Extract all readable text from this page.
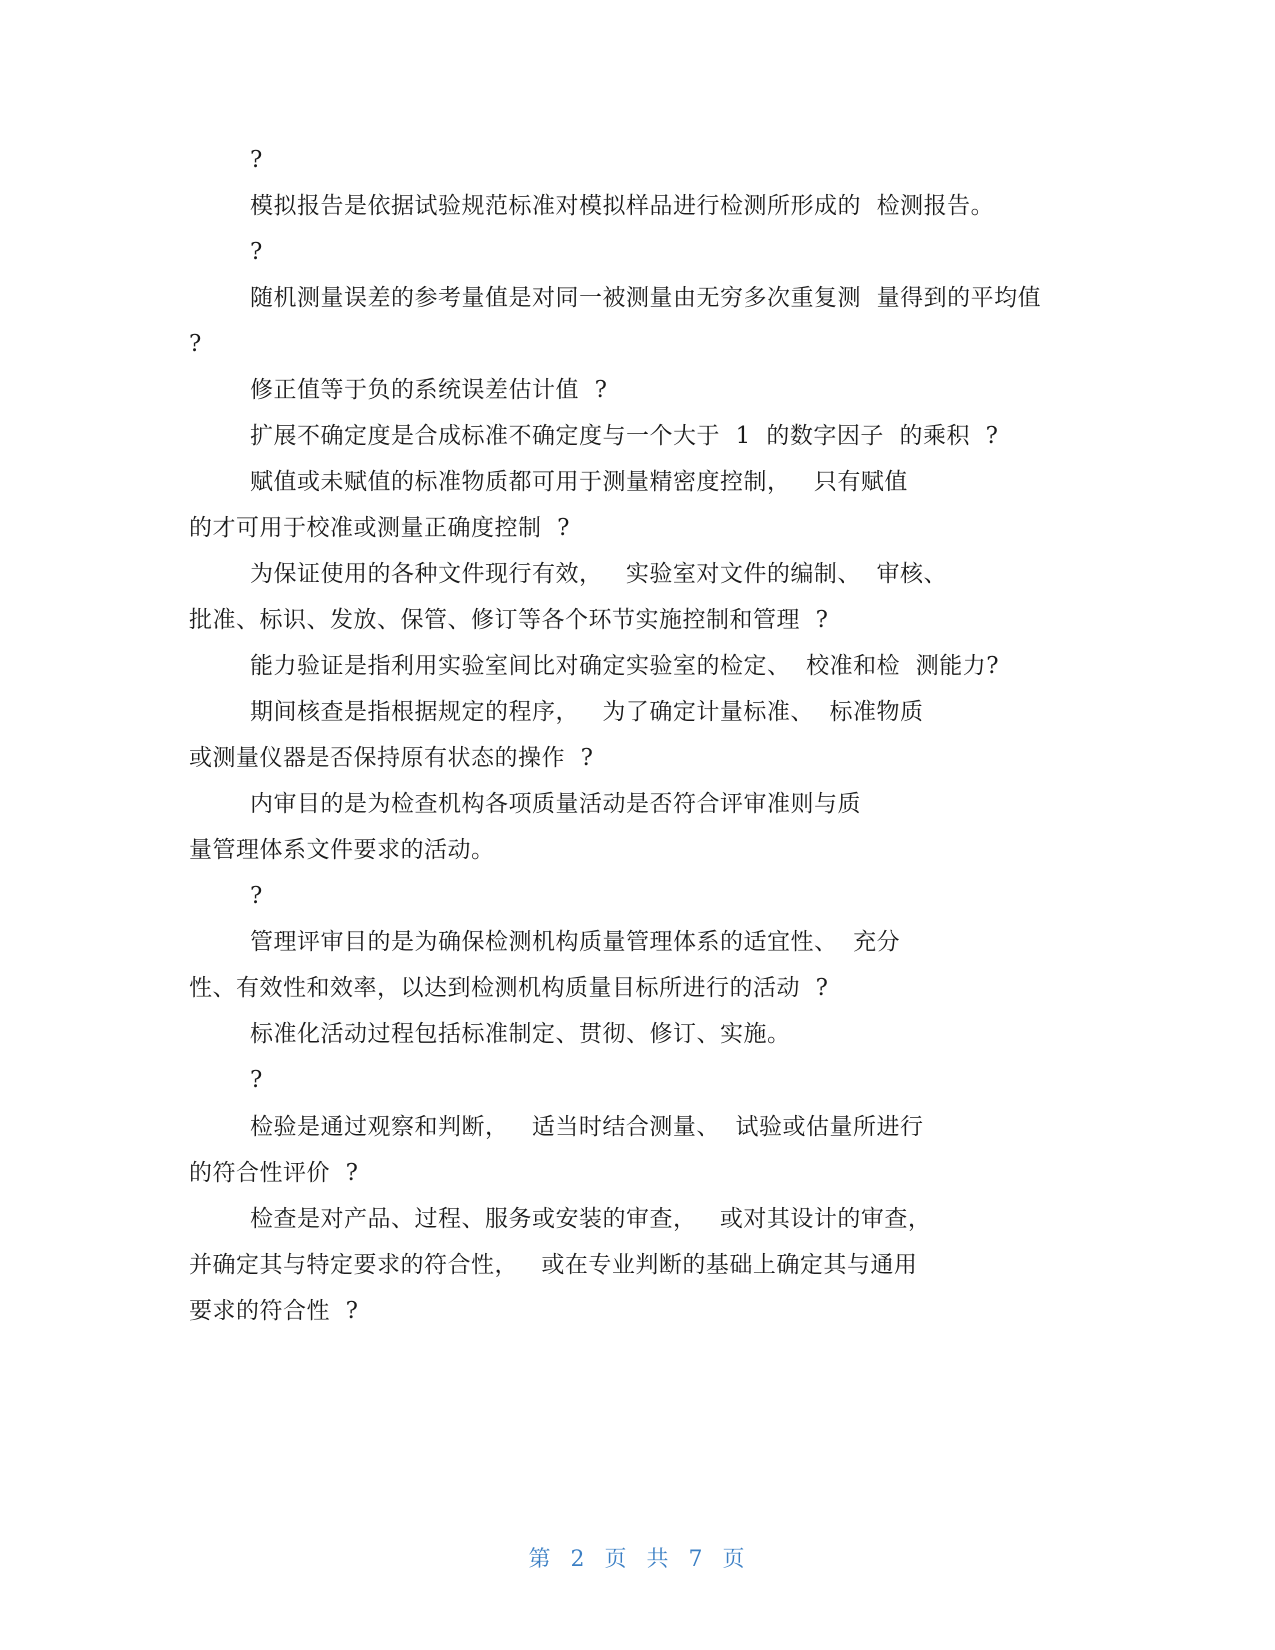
?
模拟报告是依据试验规范标准对模拟样品进行检测所形成的  检测报告。
?
随机测量误差的参考量值是对同一被测量由无穷多次重复测  量得到的平均值
?
修正值等于负的系统误差估计值  ?
扩展不确定度是合成标准不确定度与一个大于  1  的数字因子  的乘积  ?
赋值或未赋值的标准物质都可用于测量精密度控制，   只有赋值
的才可用于校准或测量正确度控制  ?
为保证使用的各种文件现行有效，   实验室对文件的编制、  审核、
批准、标识、发放、保管、修订等各个环节实施控制和管理  ?
能力验证是指利用实验室间比对确定实验室的检定、  校准和检  测能力?
期间核查是指根据规定的程序，   为了确定计量标准、  标准物质
或测量仪器是否保持原有状态的操作  ?
内审目的是为检查机构各项质量活动是否符合评审准则与质
量管理体系文件要求的活动。
?
管理评审目的是为确保检测机构质量管理体系的适宜性、  充分
性、有效性和效率，以达到检测机构质量目标所进行的活动  ?
标准化活动过程包括标准制定、贯彻、修订、实施。
?
检验是通过观察和判断，   适当时结合测量、  试验或估量所进行
的符合性评价  ?
检查是对产品、过程、服务或安装的审查，   或对其设计的审查，
并确定其与特定要求的符合性，   或在专业判断的基础上确定其与通用
要求的符合性  ?
第  2  页  共  7  页
